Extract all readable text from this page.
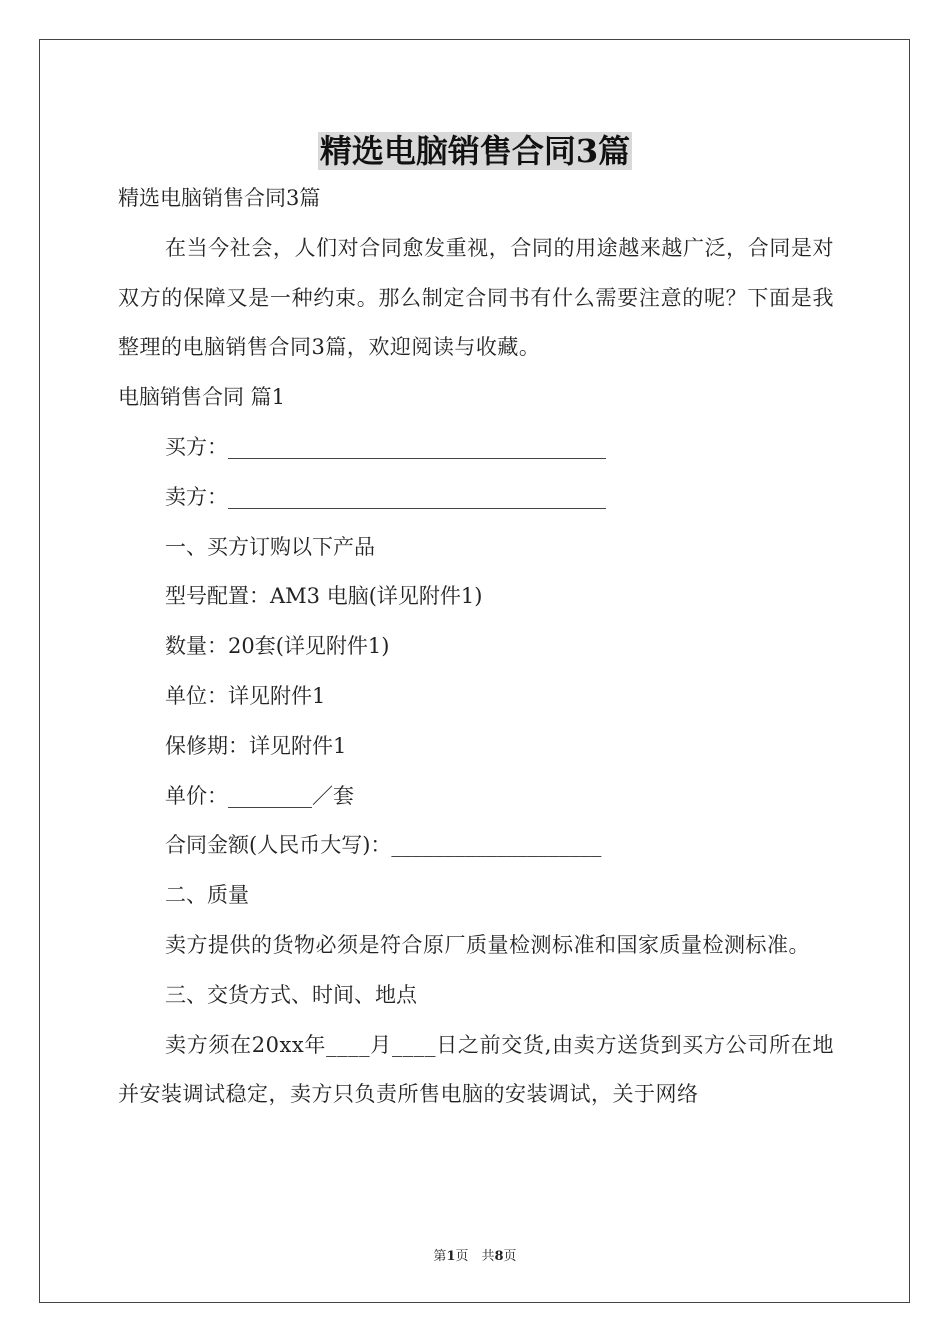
精选电脑销售合同3篇

精选电脑销售合同3篇

在当今社会，人们对合同愈发重视，合同的用途越来越广泛，合同是对双方的保障又是一种约束。那么制定合同书有什么需要注意的呢？下面是我整理的电脑销售合同3篇，欢迎阅读与收藏。

电脑销售合同 篇1

买方：____________________________________

卖方：____________________________________

一、买方订购以下产品

型号配置：AM3 电脑(详见附件1)

数量：20套(详见附件1)

单位：详见附件1

保修期：详见附件1

单价：________／套

合同金额(人民币大写)：____________________

二、质量

卖方提供的货物必须是符合原厂质量检测标准和国家质量检测标准。

三、交货方式、时间、地点

卖方须在20xx年____月____日之前交货,由卖方送货到买方公司所在地并安装调试稳定，卖方只负责所售电脑的安装调试，关于网络

第1页　共8页
